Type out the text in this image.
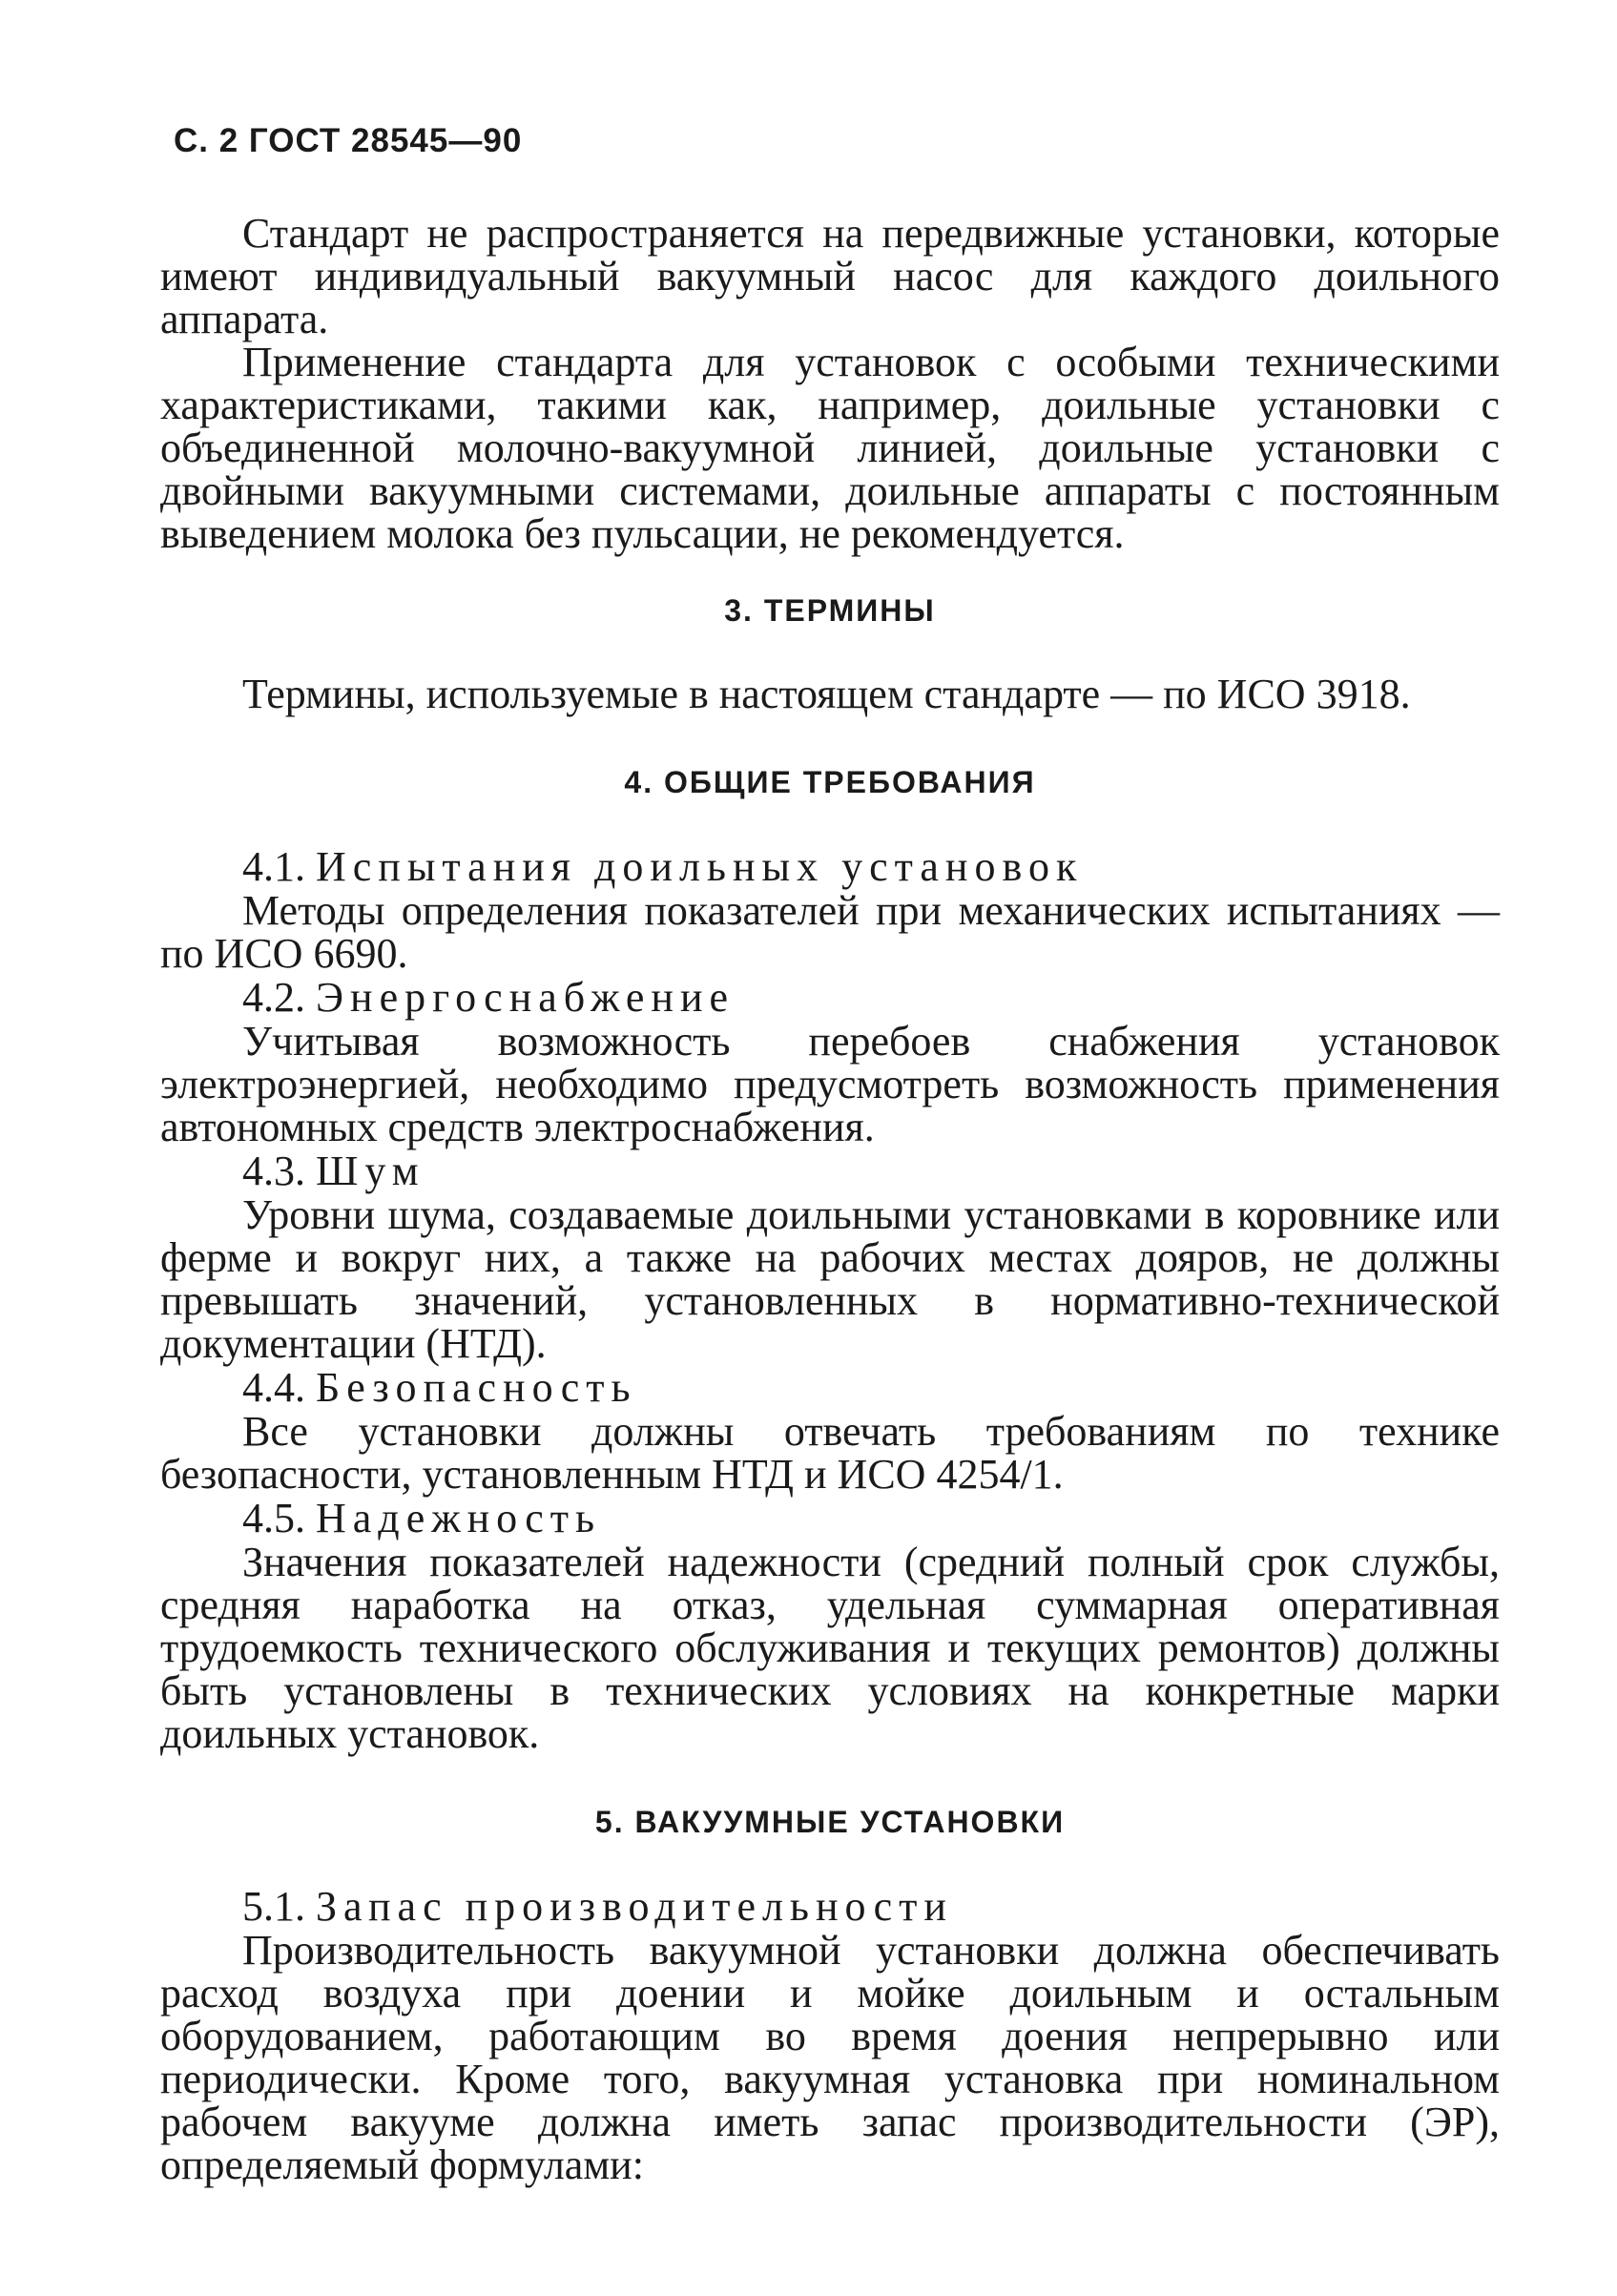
С. 2 ГОСТ 28545—90

Стандарт не распространяется на передвижные установки, которые имеют индивидуальный вакуумный насос для каждого доильного аппарата.

Применение стандарта для установок с особыми техническими характеристиками, такими как, например, доильные установки с объединенной молочно-вакуумной линией, доильные установки с двойными вакуумными системами, доильные аппараты с постоянным выведением молока без пульсации, не рекомендуется.

3. ТЕРМИНЫ

Термины, используемые в настоящем стандарте — по ИСО 3918.

4. ОБЩИЕ ТРЕБОВАНИЯ
4.1. Испытания доильных установок

Методы определения показателей при механических испытаниях — по ИСО 6690.

4.2. Энергоснабжение

Учитывая возможность перебоев снабжения установок электроэнергией, необходимо предусмотреть возможность применения автономных средств электроснабжения.

4.3. Шум

Уровни шума, создаваемые доильными установками в коровнике или ферме и вокруг них, а также на рабочих местах дояров, не должны превышать значений, установленных в нормативно-технической документации (НТД).

4.4. Безопасность

Все установки должны отвечать требованиям по технике безопасности, установленным НТД и ИСО 4254/1.

4.5. Надежность

Значения показателей надежности (средний полный срок службы, средняя наработка на отказ, удельная суммарная оперативная трудоемкость технического обслуживания и текущих ремонтов) должны быть установлены в технических условиях на конкретные марки доильных установок.

5. ВАКУУМНЫЕ УСТАНОВКИ
5.1. Запас производительности

Производительность вакуумной установки должна обеспечивать расход воздуха при доении и мойке доильным и остальным оборудованием, работающим во время доения непрерывно или периодически. Кроме того, вакуумная установка при номинальном рабочем вакууме должна иметь запас производительности (ЭР), определяемый формулами:
